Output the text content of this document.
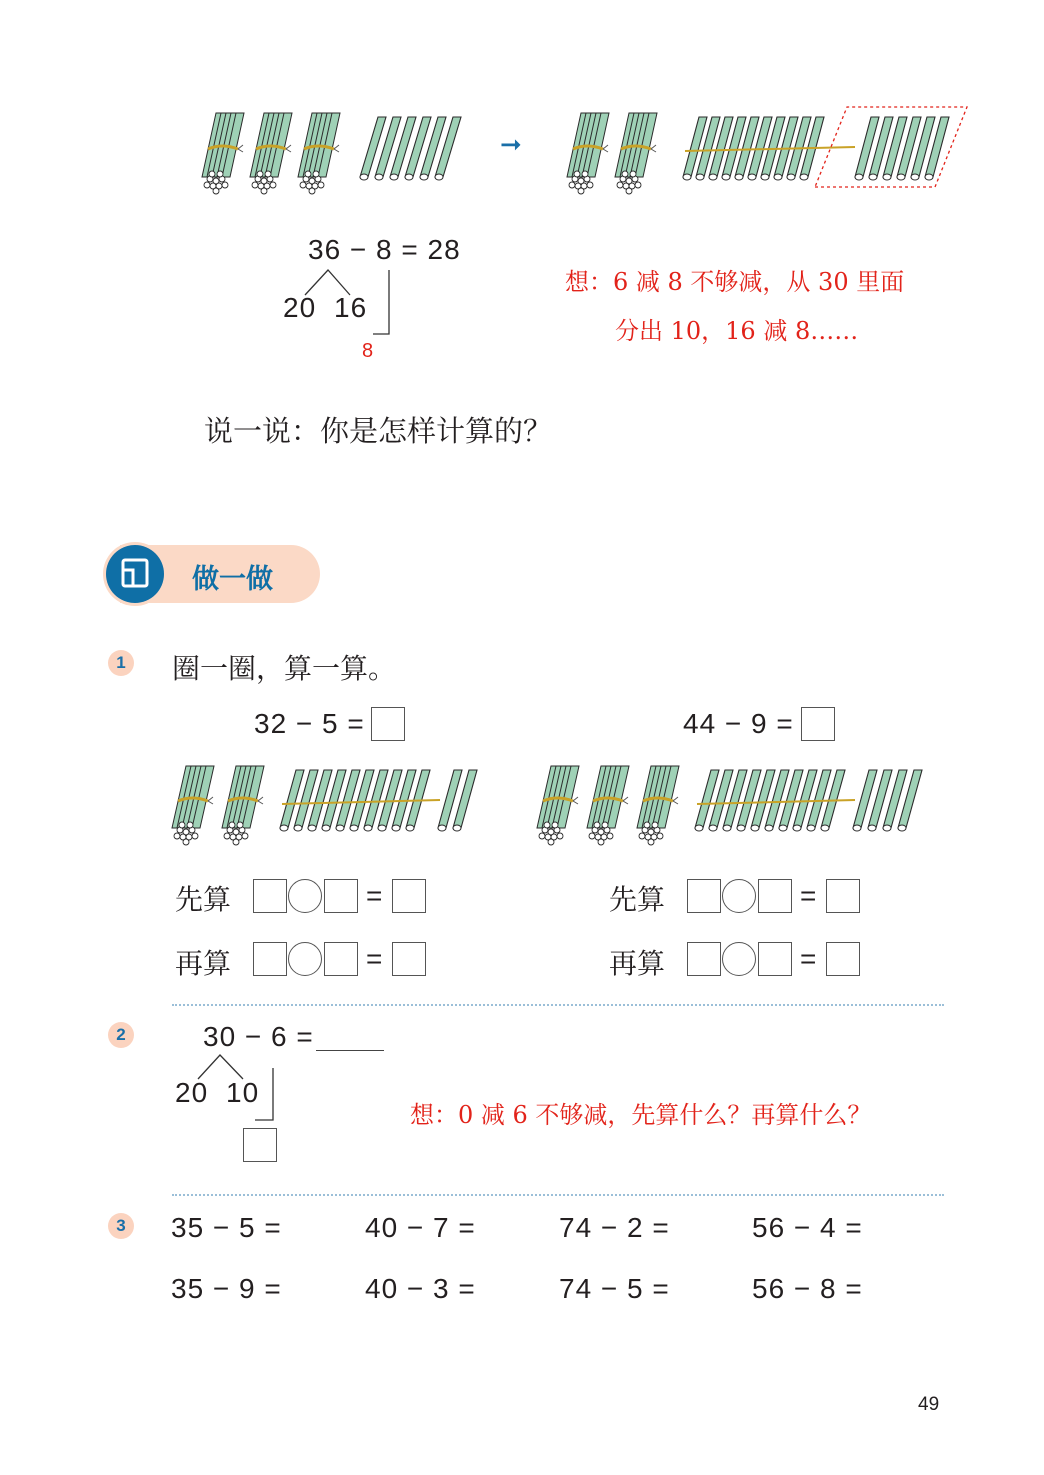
➞
36 − 8 = 28
20 16
8
想：6 减 8 不够减，从 30 里面
分出 10，16 减 8……
说一说：你是怎样计算的？
做一做
1 圈一圈，算一算。
32 − 5 =	44 − 9 =
先算	=
再算	=
先算	=
再算	=
2	30 − 6 =
20 10
想：0 减 6 不够减，先算什么？再算什么？
3 35 − 5 =	40 − 7 =	74 − 2 =	56 − 4 =
35 − 9 =	40 − 3 =	74 − 5 =	56 − 8 =
49
